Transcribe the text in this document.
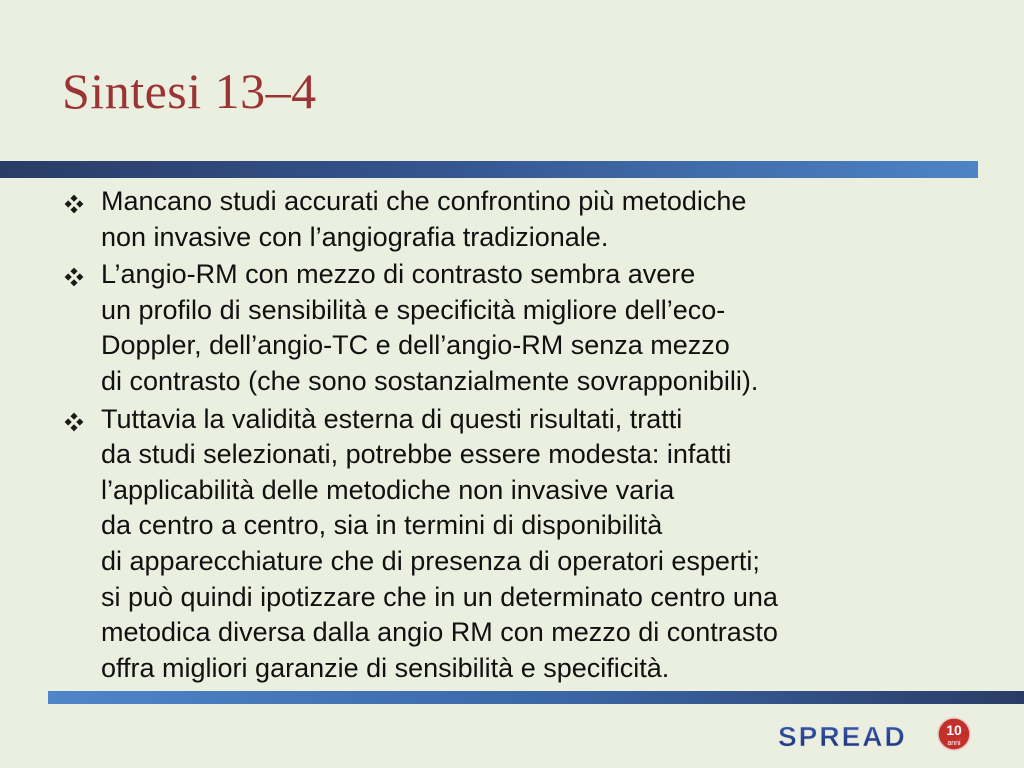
Sintesi 13–4
Mancano studi accurati che confrontino più metodiche
non invasive con l’angiografia tradizionale.
L’angio-RM con mezzo di contrasto sembra avere
un profilo di sensibilità e specificità migliore dell’eco-
Doppler, dell’angio-TC e dell’angio-RM senza mezzo
di contrasto (che sono sostanzialmente sovrapponibili).
Tuttavia la validità esterna di questi risultati, tratti
da studi selezionati, potrebbe essere modesta: infatti
l’applicabilità delle metodiche non invasive varia
da centro a centro, sia in termini di disponibilità
di apparecchiature che di presenza di operatori esperti;
si può quindi ipotizzare che in un determinato centro una
metodica diversa dalla angio RM con mezzo di contrasto
offra migliori garanzie di sensibilità e specificità.
SPREAD	10
anni
